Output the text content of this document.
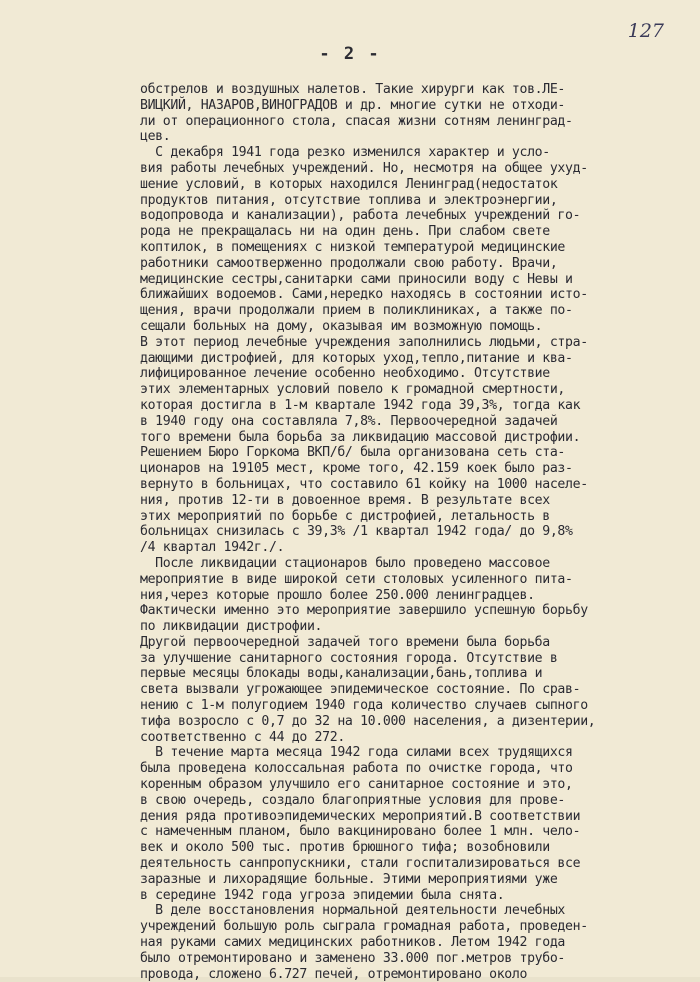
127
- 2 -
обстрелов и воздушных налетов. Такие хирурги как тов.ЛЕ-
ВИЦКИЙ, НАЗАРОВ,ВИНОГРАДОВ и др. многие сутки не отходи-
ли от операционного стола, спасая жизни сотням ленинград-
цев.
С декабря 1941 года резко изменился характер и усло-
вия работы лечебных учреждений. Но, несмотря на общее ухуд-
шение условий, в которых находился Ленинград(недостаток
продуктов питания, отсутствие топлива и электроэнергии,
водопровода и канализации), работа лечебных учреждений го-
рода не прекращалась ни на один день. При слабом свете
коптилок, в помещениях с низкой температурой медицинские
работники самоотверженно продолжали свою работу. Врачи,
медицинские сестры,санитарки сами приносили воду с Невы и
ближайших водоемов. Сами,нередко находясь в состоянии исто-
щения, врачи продолжали прием в поликлиниках, а также по-
сещали больных на дому, оказывая им возможную помощь.
В этот период лечебные учреждения заполнились людьми, стра-
дающими дистрофией, для которых уход,тепло,питание и ква-
лифицированное лечение особенно необходимо. Отсутствие
этих элементарных условий повело к громадной смертности,
которая достигла в 1-м квартале 1942 года 39,3%, тогда как
в 1940 году она составляла 7,8%. Первоочередной задачей
того времени была борьба за ликвидацию массовой дистрофии.
Решением Бюро Горкома ВКП/б/ была организована сеть ста-
ционаров на 19105 мест, кроме того, 42.159 коек было раз-
вернуто в больницах, что составило 61 койку на 1000 населе-
ния, против 12-ти в довоенное время. В результате всех
этих мероприятий по борьбе с дистрофией, летальность в
больницах снизилась с 39,3% /1 квартал 1942 года/ до 9,8%
/4 квартал 1942г./.
После ликвидации стационаров было проведено массовое
мероприятие в виде широкой сети столовых усиленного пита-
ния,через которые прошло более 250.000 ленинградцев.
Фактически именно это мероприятие завершило успешную борьбу
по ликвидации дистрофии.
Другой первоочередной задачей того времени была борьба
за улучшение санитарного состояния города. Отсутствие в
первые месяцы блокады воды,канализации,бань,топлива и
света вызвали угрожающее эпидемическое состояние. По срав-
нению с 1-м полугодием 1940 года количество случаев сыпного
тифа возросло с 0,7 до 32 на 10.000 населения, а дизентерии,
соответственно с 44 до 272.
В течение марта месяца 1942 года силами всех трудящихся
была проведена колоссальная работа по очистке города, что
коренным образом улучшило его санитарное состояние и это,
в свою очередь, создало благоприятные условия для прове-
дения ряда противоэпидемических мероприятий.В соответствии
с намеченным планом, было вакцинировано более 1 млн. чело-
век и около 500 тыс. против брюшного тифа; возобновили
деятельность санпропускники, стали госпитализироваться все
заразные и лихорадящие больные. Этими мероприятиями уже
в середине 1942 года угроза эпидемии была снята.
В деле восстановления нормальной деятельности лечебных
учреждений большую роль сыграла громадная работа, проведен-
ная руками самих медицинских работников. Летом 1942 года
было отремонтировано и заменено 33.000 пог.метров трубо-
провода, сложено 6.727 печей, отремонтировано около
